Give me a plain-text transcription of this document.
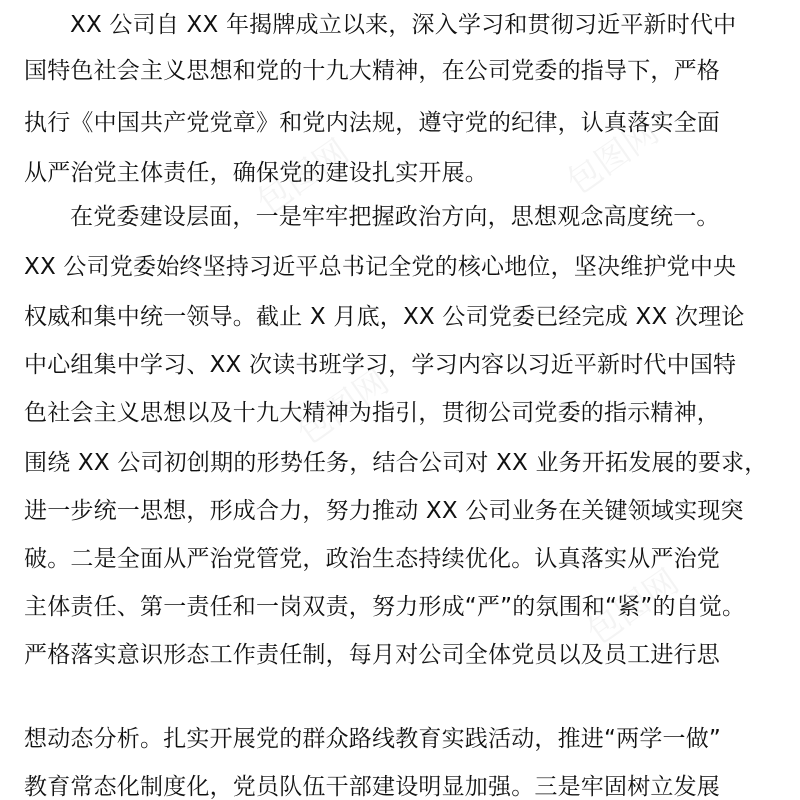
包图网	包图网
包图网
包图网
XX 公司自 XX 年揭牌成立以来，深入学习和贯彻习近平新时代中
国特色社会主义思想和党的十九大精神，在公司党委的指导下，严格
执行《中国共产党党章》和党内法规，遵守党的纪律，认真落实全面
从严治党主体责任，确保党的建设扎实开展。
在党委建设层面，一是牢牢把握政治方向，思想观念高度统一。
XX 公司党委始终坚持习近平总书记全党的核心地位，坚决维护党中央
权威和集中统一领导。截止 X 月底，XX 公司党委已经完成 XX 次理论
中心组集中学习、XX 次读书班学习，学习内容以习近平新时代中国特
色社会主义思想以及十九大精神为指引，贯彻公司党委的指示精神，
围绕 XX 公司初创期的形势任务，结合公司对 XX 业务开拓发展的要求，
进一步统一思想，形成合力，努力推动 XX 公司业务在关键领域实现突
破。二是全面从严治党管党，政治生态持续优化。认真落实从严治党
主体责任、第一责任和一岗双责，努力形成“严”的氛围和“紧”的自觉。
严格落实意识形态工作责任制，每月对公司全体党员以及员工进行思
想动态分析。扎实开展党的群众路线教育实践活动，推进“两学一做”
教育常态化制度化，党员队伍干部建设明显加强。三是牢固树立发展
